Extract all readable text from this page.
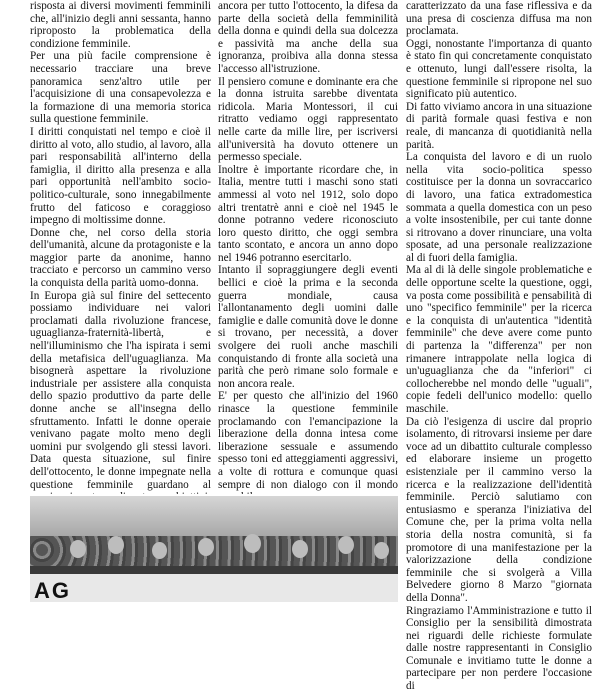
risposta ai diversi movimenti femminili che, all'inizio degli anni sessanta, hanno riproposto la problematica della condizione femminile.

Per una più facile comprensione è necessario tracciare una breve panoramica senz'altro utile per l'acquisizione di una consapevolezza e la formazione di una memoria storica sulla questione femminile.

I diritti conquistati nel tempo e cioè il diritto al voto, allo studio, al lavoro, alla pari responsabilità all'interno della famiglia, il diritto alla presenza e alla pari opportunità nell'ambito socio-politico-culturale, sono innegabilmente frutto del faticoso e coraggioso impegno di moltissime donne.

Donne che, nel corso della storia dell'umanità, alcune da protagoniste e la maggior parte da anonime, hanno tracciato e percorso un cammino verso la conquista della parità uomo-donna.

In Europa già sul finire del settecento possiamo individuare nei valori proclamati dalla rivoluzione francese, uguaglianza-fraternità-libertà, e nell'illuminismo che l'ha ispirata i semi della metafisica dell'uguaglianza. Ma bisognerà aspettare la rivoluzione industriale per assistere alla conquista dello spazio produttivo da parte delle donne anche se all'insegna dello sfruttamento. Infatti le donne operaie venivano pagate molto meno degli uomini pur svolgendo gli stessi lavori. Data questa situazione, sul finire dell'ottocento, le donne impegnate nella questione femminile guardano al

ancora per tutto l'ottocento, la difesa da parte della società della femminilità della donna e quindi della sua dolcezza e passività ma anche della sua ignoranza, proibiva alla donna stessa l'accesso all'istruzione.

Il pensiero comune e dominante era che la donna istruita sarebbe diventata ridicola. Maria Montessori, il cui ritratto vediamo oggi rappresentato nelle carte da mille lire, per iscriversi all'università ha dovuto ottenere un permesso speciale.

Inoltre è importante ricordare che, in Italia, mentre tutti i maschi sono stati ammessi al voto nel 1912, solo dopo altri trentatrè anni e cioè nel 1945 le donne potranno vedere riconosciuto loro questo diritto, che oggi sembra tanto scontato, e ancora un anno dopo nel 1946 potranno esercitarlo.

Intanto il sopraggiungere degli eventi bellici e cioè la prima e la seconda guerra mondiale, causa l'allontanamento degli uomini dalle famiglie e dalle comunità dove le donne si trovano, per necessità, a dover svolgere dei ruoli anche maschili conquistando di fronte alla società una parità che però rimane solo formale e non ancora reale.

E' per questo che all'inizio del 1960 rinasce la questione femminile proclamando con l'emancipazione la liberazione della donna intesa come liberazione sessuale e assumendo spesso toni ed atteggiamenti aggressivi, a volte di rottura e comunque quasi sempre di non dialogo con il mondo

caratterizzato da una fase riflessiva e da una presa di coscienza diffusa ma non proclamata.

Oggi, nonostante l'importanza di quanto è stato fin qui concretamente conquistato e ottenuto, lungi dall'essere risolta, la questione femminile si ripropone nel suo significato più autentico.

Di fatto viviamo ancora in una situazione di parità formale quasi festiva e non reale, di mancanza di quotidianità nella parità.

La conquista del lavoro e di un ruolo nella vita socio-politica spesso costituisce per la donna un sovraccarico di lavoro, una fatica extradomestica sommata a quella domestica con un peso a volte insostenibile, per cui tante donne si ritrovano a dover rinunciare, una volta sposate, ad una personale realizzazione al di fuori della famiglia.

Ma al di là delle singole problematiche e delle opportune scelte la questione, oggi, va posta come possibilità e pensabilità di uno "specifico femminile" per la ricerca e la conquista di un'autentica "identità femminile" che deve avere come punto di partenza la "differenza" per non rimanere intrappolate nella logica di un'uguaglianza che da "inferiori" ci collocherebbe nel mondo delle "uguali", copie fedeli dell'unico modello: quello maschile.

Da ciò l'esigenza di uscire dal proprio isolamento, di ritrovarsi insieme per dare voce ad un dibattito culturale complesso ed elaborare insieme un progetto esistenziale per il cammino verso la ricerca e la realizzazione dell'identità femminile. Perciò salutiamo con entusiasmo e speranza l'iniziativa del Comune che, per la prima volta nella storia della nostra comunità, si fa promotore di una manifestazione per la valorizzazione della condizione femminile che si svolgerà a Villa Belvedere giorno 8 Marzo "giornata della Donna".

Ringraziamo l'Amministrazione e tutto il Consiglio per la sensibilità dimostrata nei riguardi delle richieste formulate dalle nostre rappresentanti in Consiglio Comunale e invitiamo tutte le donne a partecipare per non perdere l'occasione di

AG
